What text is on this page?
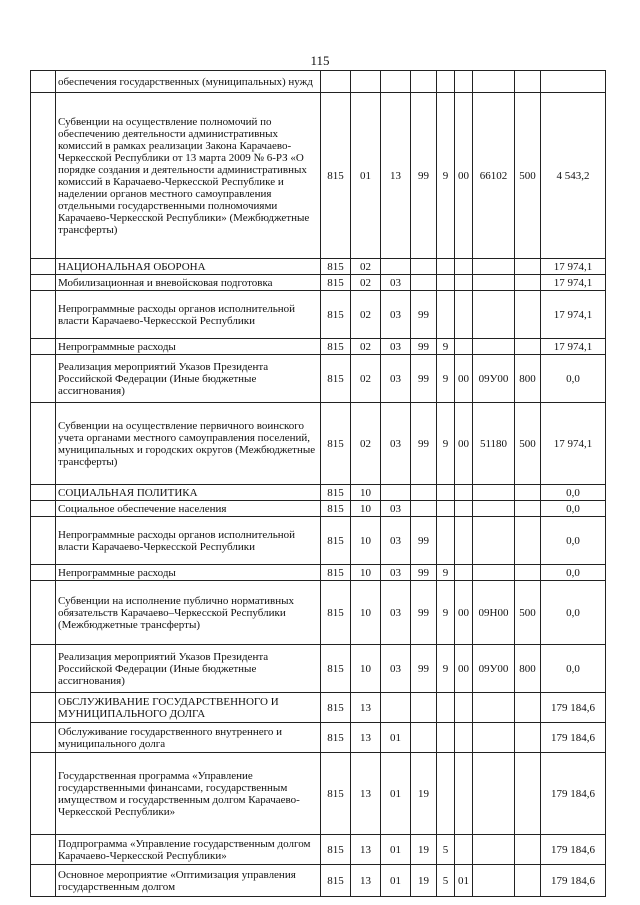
115
	обеспечения государственных (муниципальных) нужд									
	Субвенции на осуществление полномочий по обеспечению деятельности административных комиссий в рамках реализации Закона Карачаево-Черкесской Республики от 13 марта 2009 № 6-РЗ «О порядке создания и деятельности административных комиссий в Карачаево-Черкесской Республике и наделении органов местного самоуправления отдельными государственными полномочиями Карачаево-Черкесской Республики» (Межбюджетные трансферты)	815	01	13	99	9	00	66102	500	4 543,2
	НАЦИОНАЛЬНАЯ ОБОРОНА	815	02							17 974,1
	Мобилизационная и вневойсковая подготовка	815	02	03						17 974,1
	Непрограммные расходы органов исполнительной власти Карачаево-Черкесской Республики	815	02	03	99					17 974,1
	Непрограммные расходы	815	02	03	99	9				17 974,1
	Реализация мероприятий Указов Президента Российской Федерации (Иные бюджетные ассигнования)	815	02	03	99	9	00	09У00	800	0,0
	Субвенции на осуществление первичного воинского учета органами местного самоуправления поселений, муниципальных и городских округов (Межбюджетные трансферты)	815	02	03	99	9	00	51180	500	17 974,1
	СОЦИАЛЬНАЯ ПОЛИТИКА	815	10							0,0
	Социальное обеспечение населения	815	10	03						0,0
	Непрограммные расходы органов исполнительной власти Карачаево-Черкесской Республики	815	10	03	99					0,0
	Непрограммные расходы	815	10	03	99	9				0,0
	Субвенции на исполнение публично нормативных обязательств Карачаево–Черкесской Республики (Межбюджетные трансферты)	815	10	03	99	9	00	09Н00	500	0,0
	Реализация мероприятий Указов Президента Российской Федерации (Иные бюджетные ассигнования)	815	10	03	99	9	00	09У00	800	0,0
	ОБСЛУЖИВАНИЕ ГОСУДАРСТВЕННОГО И МУНИЦИПАЛЬНОГО ДОЛГА	815	13							179 184,6
	Обслуживание государственного внутреннего и муниципального долга	815	13	01						179 184,6
	Государственная программа «Управление государственными финансами, государственным имуществом и государственным долгом Карачаево-Черкесской Республики»	815	13	01	19					179 184,6
	Подпрограмма «Управление государственным долгом Карачаево-Черкесской Республики»	815	13	01	19	5				179 184,6
	Основное мероприятие «Оптимизация управления государственным долгом	815	13	01	19	5	01			179 184,6
